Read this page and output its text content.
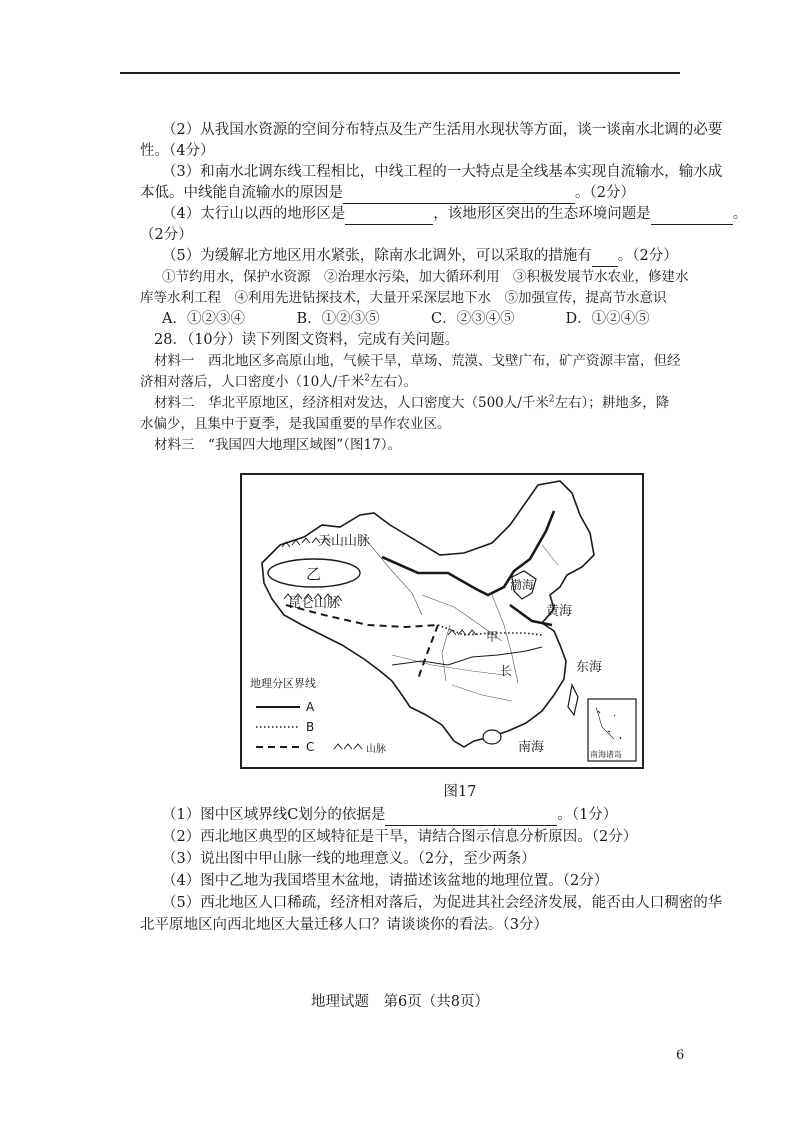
（2）从我国水资源的空间分布特点及生产生活用水现状等方面，谈一谈南水北调的必要
性。（4分）
（3）和南水北调东线工程相比，中线工程的一大特点是全线基本实现自流输水，输水成
本低。中线能自流输水的原因是	。（2分）
（4）太行山以西的地形区是	，该地形区突出的生态环境问题是	。
（2分）
（5）为缓解北方地区用水紧张，除南水北调外，可以采取的措施有 。（2分）
①节约用水，保护水资源　②治理水污染，加大循环利用　③积极发展节水农业，修建水
库等水利工程　④利用先进钻探技术，大量开采深层地下水　⑤加强宣传，提高节水意识
A．①②③④	B．①②③⑤	C．②③④⑤	D．①②④⑤
28．（10分）读下列图文资料，完成有关问题。
材料一　西北地区多高原山地，气候干旱，草场、荒漠、戈壁广布，矿产资源丰富，但经
济相对落后，人口密度小（10人/千米$^2$左右）。
材料二　华北平原地区，经济相对发达，人口密度大（500人/千米$^2$左右）；耕地多，降
水偏少，且集中于夏季，是我国重要的旱作农业区。
材料三　“我国四大地理区域图”（图17）。
天山山脉
乙
昆仑山脉
渤海
黄海
甲
东海
长
南海	南海诸岛
地理分区界线
A
B
C	山脉
图17
（1）图中区域界线C划分的依据是	。（1分）
（2）西北地区典型的区域特征是干旱，请结合图示信息分析原因。（2分）
（3）说出图中甲山脉一线的地理意义。（2分，至少两条）
（4）图中乙地为我国塔里木盆地，请描述该盆地的地理位置。（2分）
（5）西北地区人口稀疏，经济相对落后，为促进其社会经济发展，能否由人口稠密的华
北平原地区向西北地区大量迁移人口？请谈谈你的看法。（3分）
地理试题　第6页（共8页）
6
